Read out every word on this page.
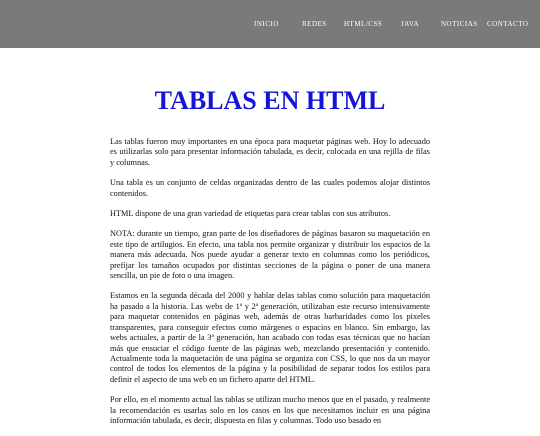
INICIO	REDES HTML/CSS	JAVA	NOTICIAS CONTACTO
TABLAS EN HTML

Las tablas fueron muy importantes en una época para maquetar páginas web. Hoy lo adecuado es utilizarlas solo para presentar información tabulada, es decir, colocada en una rejilla de filas y columnas.

Una tabla es un conjunto de celdas organizadas dentro de las cuales podemos alojar distintos contenidos.

HTML dispone de una gran variedad de etiquetas para crear tablas con sus atributos.

NOTA: durante un tiempo, gran parte de los diseñadores de páginas basaron su maquetación en este tipo de artilugios. En efecto, una tabla nos permite organizar y distribuir los espacios de la manera más adecuada. Nos puede ayudar a generar texto en columnas como los periódicos, prefijar los tamaños ocupados por distintas secciones de la página o poner de una manera sencilla, un pie de foto o una imagen.

Estamos en la segunda década del 2000 y hablar delas tablas como solución para maquetación ha pasado a la historia. Las webs de 1ª y 2ª generación, utilizaban este recurso intensivamente para maquetar contenidos en páginas web, además de otras barbaridades como los pixeles transparentes, para conseguir efectos como márgenes o espacios en blanco. Sin embargo, las webs actuales, a partir de la 3ª generación, han acabado con todas esas técnicas que no hacían más que ensuciar el código fuente de las páginas web, mezclando presentación y contenido. Actualmente toda la maquetación de una página se organiza con CSS, lo que nos da un mayor control de todos los elementos de la página y la posibilidad de separar todos los estilos para definir el aspecto de una web en un fichero aparte del HTML.

Por ello, en el momento actual las tablas se utilizan mucho menos que en el pasado, y realmente la recomendación es usarlas solo en los casos en los que necesitamos incluir en una página información tabulada, es decir, dispuesta en filas y columnas. Todo uso basado en
